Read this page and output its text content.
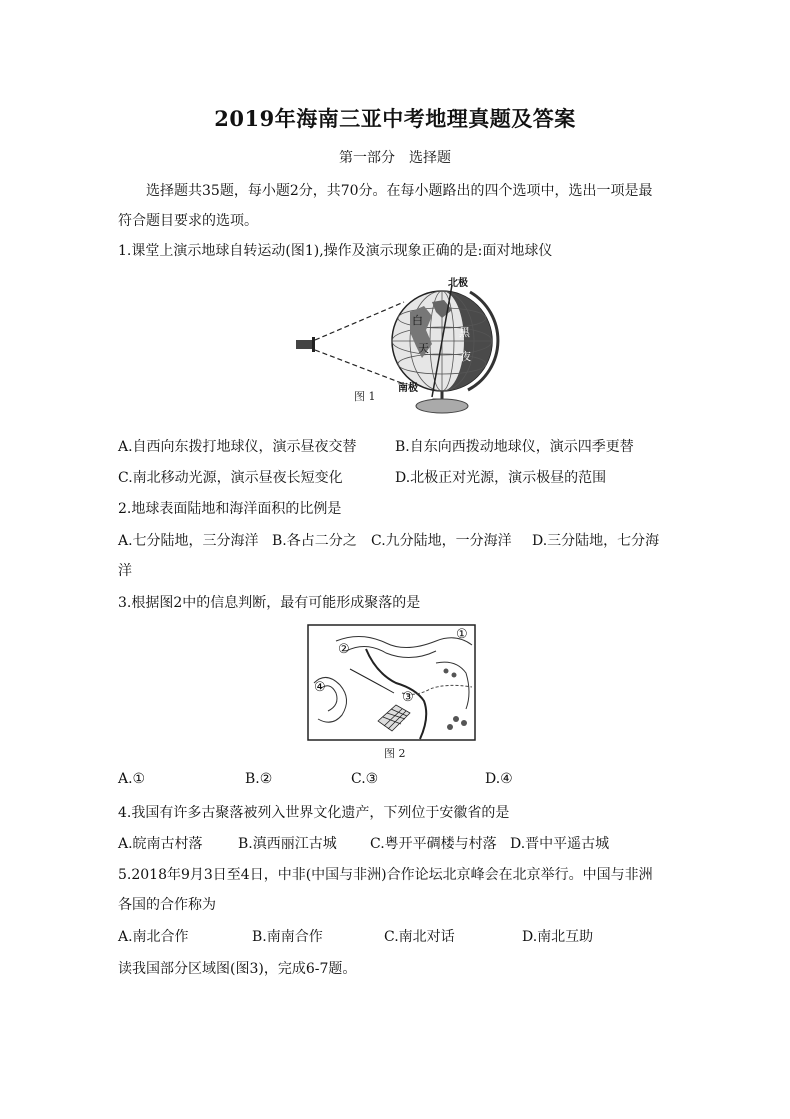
2019年海南三亚中考地理真题及答案
第一部分　选择题
选择题共35题，每小题2分，共70分。在每小题路出的四个选项中，选出一项是最
符合题目要求的选项。
1.课堂上演示地球自转运动(图1),操作及演示现象正确的是:面对地球仪
北极
南极
白
天
黑
夜
图 1
A.自西向东拨打地球仪，演示昼夜交替	B.自东向西拨动地球仪，演示四季更替
C.南北移动光源，演示昼夜长短变化	D.北极正对光源，演示极昼的范围
2.地球表面陆地和海洋面积的比例是
A.七分陆地，三分海洋 B.各占二分之 C.九分陆地，一分海洋 D.三分陆地，七分海
洋
3.根据图2中的信息判断，最有可能形成聚落的是
①
②
③
④
图 2
A.①	B.②	C.③	D.④
4.我国有许多古聚落被列入世界文化遗产，下列位于安徽省的是
A.皖南古村落	B.滇西丽江古城 C.粤开平碉楼与村落 D.晋中平遥古城
5.2018年9月3日至4日，中非(中国与非洲)合作论坛北京峰会在北京举行。中国与非洲
各国的合作称为
A.南北合作	B.南南合作	C.南北对话	D.南北互助
读我国部分区域图(图3)，完成6-7题。
